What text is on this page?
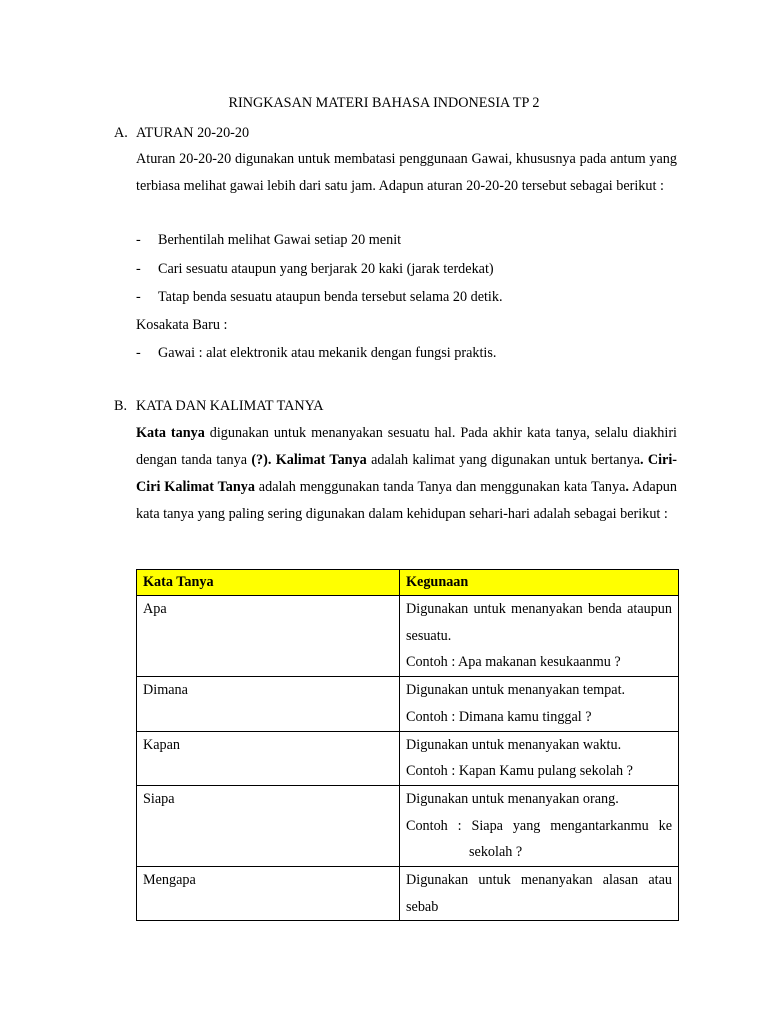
RINGKASAN MATERI BAHASA INDONESIA TP 2
A. ATURAN 20-20-20

Aturan 20-20-20 digunakan untuk membatasi penggunaan Gawai, khususnya pada antum yang terbiasa melihat gawai lebih dari satu jam. Adapun aturan 20-20-20 tersebut sebagai berikut :

- Berhentilah melihat Gawai setiap 20 menit
- Cari sesuatu ataupun yang berjarak 20 kaki (jarak terdekat)
- Tatap benda sesuatu ataupun benda tersebut selama 20 detik.
Kosakata Baru :
- Gawai : alat elektronik atau mekanik dengan fungsi praktis.
B. KATA DAN KALIMAT TANYA

Kata tanya digunakan untuk menanyakan sesuatu hal. Pada akhir kata tanya, selalu diakhiri dengan tanda tanya (?). Kalimat Tanya adalah kalimat yang digunakan untuk bertanya. Ciri-Ciri Kalimat Tanya adalah menggunakan tanda Tanya dan menggunakan kata Tanya. Adapun kata tanya yang paling sering digunakan dalam kehidupan sehari-hari adalah sebagai berikut :

Kata Tanya	Kegunaan
Apa	Digunakan untuk menanyakan benda ataupun sesuatu.
Contoh : Apa makanan kesukaanmu ?

Dimana	Digunakan untuk menanyakan tempat.
Contoh : Dimana kamu tinggal ?

Kapan	Digunakan untuk menanyakan waktu.
Contoh : Kapan Kamu pulang sekolah ?

Siapa	Digunakan untuk menanyakan orang.
Contoh : Siapa yang mengantarkanmu ke
sekolah ?

Mengapa	Digunakan untuk menanyakan alasan atau sebab
